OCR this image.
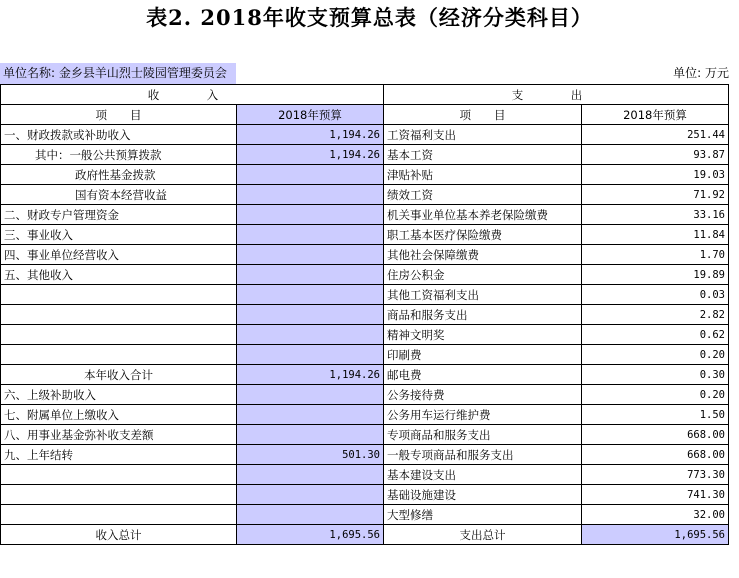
表2. 2018年收支预算总表（经济分类科目）
单位名称: 金乡县羊山烈士陵园管理委员会	单位: 万元
收　入		支　出	
项　　目	2018年预算	项　　目	2018年预算
一、财政拨款或补助收入	1,194.26	工资福利支出	251.44
其中：一般公共预算拨款	1,194.26	基本工资	93.87
政府性基金拨款		津贴补贴	19.03
国有资本经营收益		绩效工资	71.92
二、财政专户管理资金		机关事业单位基本养老保险缴费	33.16
三、事业收入		职工基本医疗保险缴费	11.84
四、事业单位经营收入		其他社会保障缴费	1.70
五、其他收入		住房公积金	19.89
		其他工资福利支出	0.03
		商品和服务支出	2.82
		精神文明奖	0.62
		印刷费	0.20
本年收入合计	1,194.26	邮电费	0.30
六、上级补助收入		公务接待费	0.20
七、附属单位上缴收入		公务用车运行维护费	1.50
八、用事业基金弥补收支差额		专项商品和服务支出	668.00
九、上年结转	501.30	一般专项商品和服务支出	668.00
		基本建设支出	773.30
		基础设施建设	741.30
		大型修缮	32.00
收入总计	1,695.56	支出总计	1,695.56
